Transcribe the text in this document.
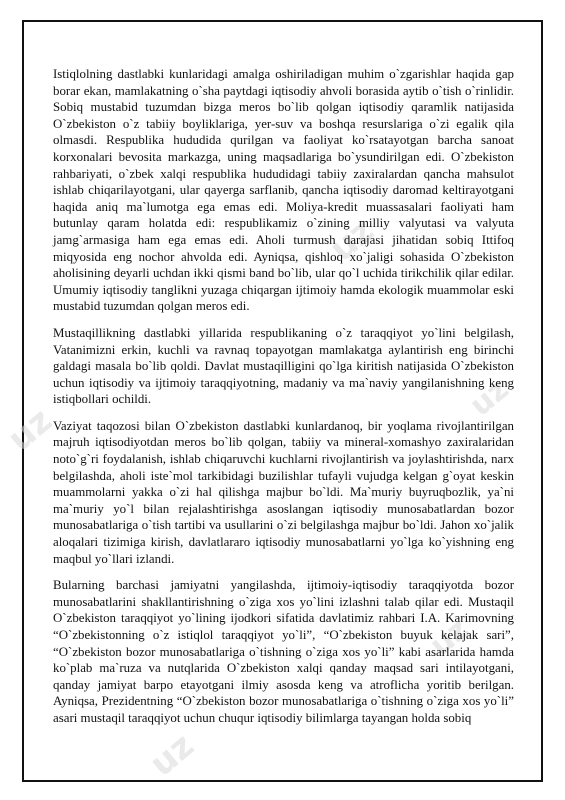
uz
uz
uz
uz
uz

Istiqlolning dastlabki kunlaridagi amalga oshiriladigan muhim o`zgarishlar haqida gap borar ekan, mamlakatning o`sha paytdagi iqtisodiy ahvoli borasida aytib o`tish o`rinlidir. Sobiq mustabid tuzumdan bizga meros bo`lib qolgan iqtisodiy qaramlik natijasida O`zbekiston o`z tabiiy boyliklariga, yer-suv va boshqa resurslariga o`zi egalik qila olmasdi. Respublika hududida qurilgan va faoliyat ko`rsatayotgan barcha sanoat korxonalari bevosita markazga, uning maqsadlariga bo`ysundirilgan edi. O`zbekiston rahbariyati, o`zbek xalqi respublika hududidagi tabiiy zaxiralardan qancha mahsulot ishlab chiqarilayotgani, ular qayerga sarflanib, qancha iqtisodiy daromad keltirayotgani haqida aniq ma`lumotga ega emas edi. Moliya-kredit muassasalari faoliyati ham butunlay qaram holatda edi: respublikamiz o`zining milliy valyutasi va valyuta jamg`armasiga ham ega emas edi. Aholi turmush darajasi jihatidan sobiq Ittifoq miqyosida eng nochor ahvolda edi. Ayniqsa, qishloq xo`jaligi sohasida O`zbekiston aholisining deyarli uchdan ikki qismi band bo`lib, ular qo`l uchida tirikchilik qilar edilar. Umumiy iqtisodiy tanglikni yuzaga chiqargan ijtimoiy hamda ekologik muammolar eski mustabid tuzumdan qolgan meros edi.

Mustaqillikning dastlabki yillarida respublikaning o`z taraqqiyot yo`lini belgilash, Vatanimizni erkin, kuchli va ravnaq topayotgan mamlakatga aylantirish eng birinchi galdagi masala bo`lib qoldi. Davlat mustaqilligini qo`lga kiritish natijasida O`zbekiston uchun iqtisodiy va ijtimoiy taraqqiyotning, madaniy va ma`naviy yangilanishning keng istiqbollari ochildi.

Vaziyat taqozosi bilan O`zbekiston dastlabki kunlardanoq, bir yoqlama rivojlantirilgan majruh iqtisodiyotdan meros bo`lib qolgan, tabiiy va mineral-xomashyo zaxiralaridan noto`g`ri foydalanish, ishlab chiqaruvchi kuchlarni rivojlantirish va joylashtirishda, narx belgilashda, aholi iste`mol tarkibidagi buzilishlar tufayli vujudga kelgan g`oyat keskin muammolarni yakka o`zi hal qilishga majbur bo`ldi. Ma`muriy buyruqbozlik, ya`ni ma`muriy yo`l bilan rejalashtirishga asoslangan iqtisodiy munosabatlardan bozor munosabatlariga o`tish tartibi va usullarini o`zi belgilashga majbur bo`ldi. Jahon xo`jalik aloqalari tizimiga kirish, davlatlararo iqtisodiy munosabatlarni yo`lga ko`yishning eng maqbul yo`llari izlandi.

Bularning barchasi jamiyatni yangilashda, ijtimoiy-iqtisodiy taraqqiyotda bozor munosabatlarini shakllantirishning o`ziga xos yo`lini izlashni talab qilar edi. Mustaqil O`zbekiston taraqqiyot yo`lining ijodkori sifatida davlatimiz rahbari I.A. Karimovning “O`zbekistonning o`z istiqlol taraqqiyot yo`li”, “O`zbekiston buyuk kelajak sari”, “O`zbekiston bozor munosabatlariga o`tishning o`ziga xos yo`li” kabi asarlarida hamda ko`plab ma`ruza va nutqlarida O`zbekiston xalqi qanday maqsad sari intilayotgani, qanday jamiyat barpo etayotgani ilmiy asosda keng va atroflicha yoritib berilgan. Ayniqsa, Prezidentning “O`zbekiston bozor munosabatlariga o`tishning o`ziga xos yo`li” asari mustaqil taraqqiyot uchun chuqur iqtisodiy bilimlarga tayangan holda sobiq
